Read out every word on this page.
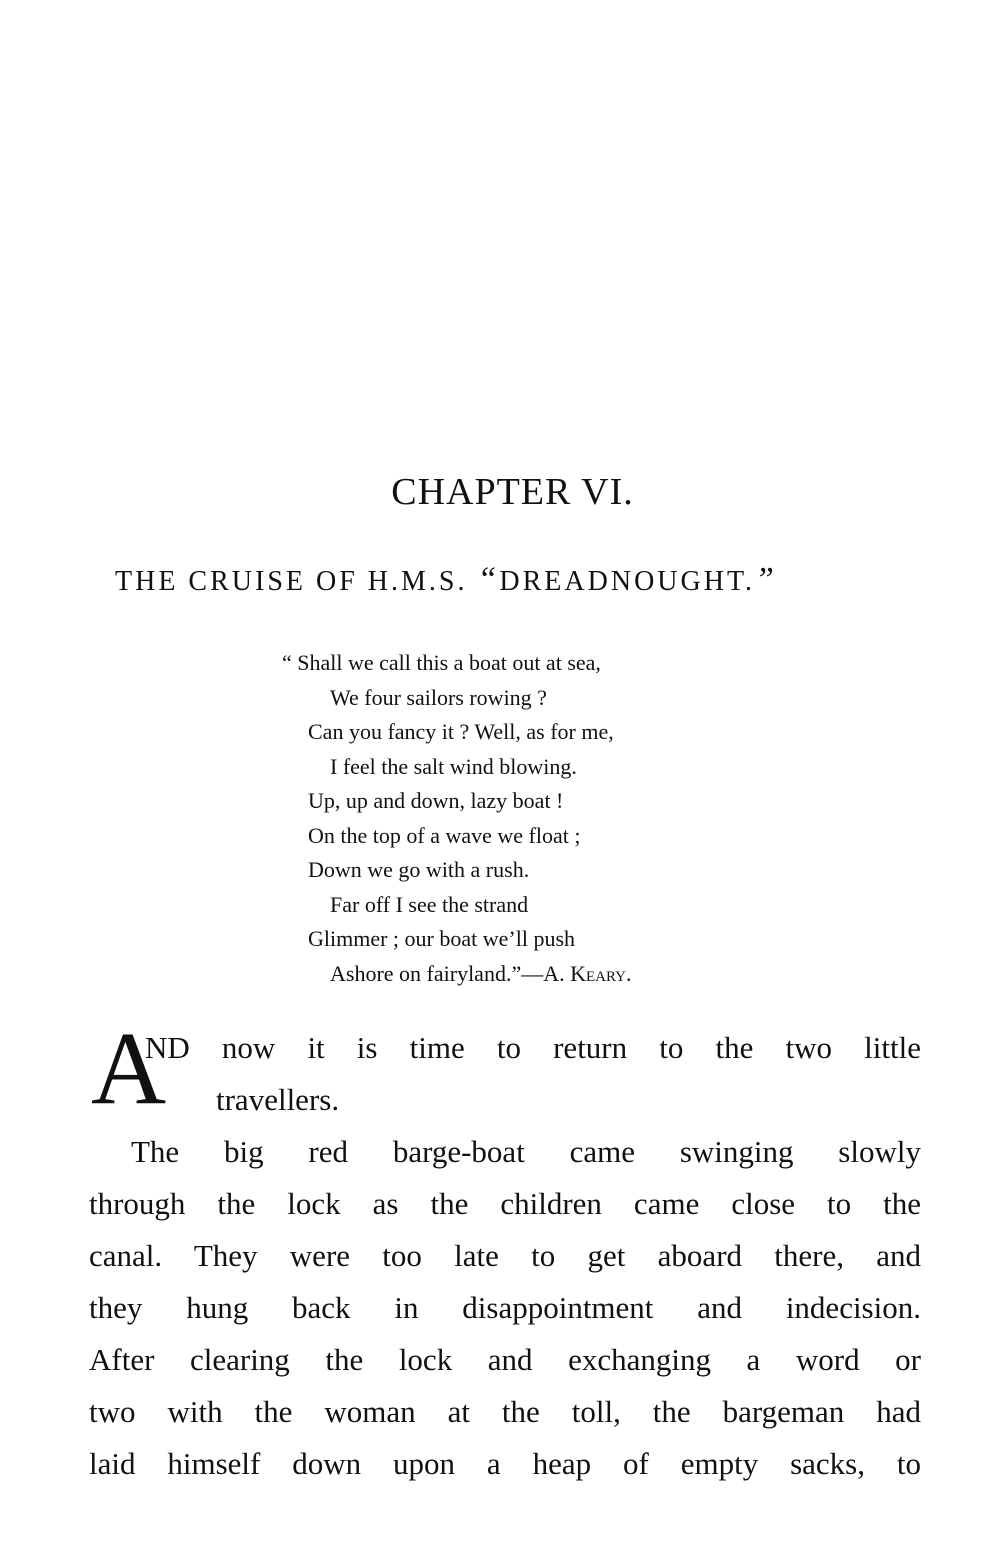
CHAPTER VI.
THE CRUISE OF H.M.S. “DREADNOUGHT.”
“ Shall we call this a boat out at sea,
We four sailors rowing ?
Can you fancy it ? Well, as for me,
I feel the salt wind blowing.
Up, up and down, lazy boat !
On the top of a wave we float ;
Down we go with a rush.
Far off I see the strand
Glimmer ; our boat we’ll push
Ashore on fairyland.”—A. Keary.
A
ND now it is time to return to the two little
travellers.
The big red barge-boat came swinging slowly
through the lock as the children came close to the
canal. They were too late to get aboard there, and
they hung back in disappointment and indecision.
After clearing the lock and exchanging a word or
two with the woman at the toll, the bargeman had
laid himself down upon a heap of empty sacks, to
